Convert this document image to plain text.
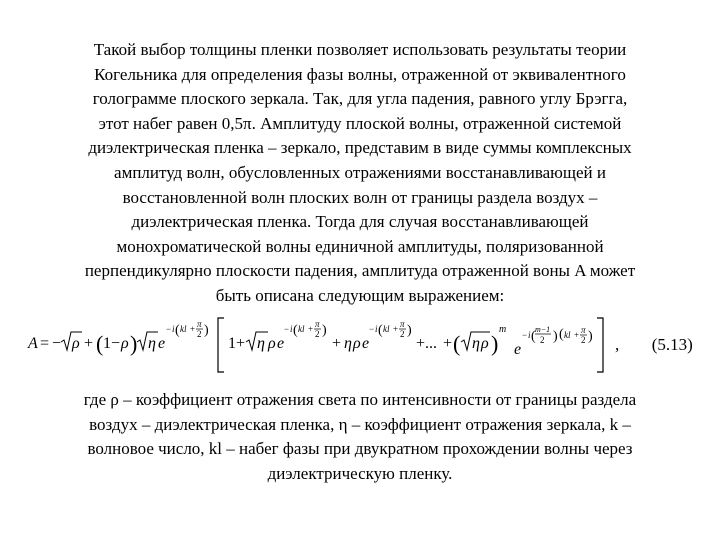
Такой выбор толщины пленки позволяет использовать результаты теории
Когельника для определения фазы волны, отраженной от эквивалентного
голограмме плоского зеркала. Так, для угла падения, равного углу Брэгга,
этот набег равен 0,5π. Амплитуду плоской волны, отраженной системой
диэлектрическая пленка – зеркало, представим в виде суммы комплексных
амплитуд волн, обусловленных отражениями восстанавливающей и
восстановленной волн плоских волн от границы раздела воздух –
диэлектрическая пленка. Тогда для случая восстанавливающей
монохроматической волны единичной амплитуды, поляризованной
перпендикулярно плоскости падения, амплитуда отраженной воны A может
быть описана следующим выражением:
A = − ρ + ( 1 − ρ ) η e
− i ( kl + π
2 )
1 + η ρ e
− i ( kl + π
2 )
+ η ρ e
− i ( kl + π
2 )
+ ... + ( η ρ )
m
e
− i ( m−1
2 ) ( kl + π
2 ) , (5.13)
где ρ – коэффициент отражения света по интенсивности от границы раздела
воздух – диэлектрическая пленка, η – коэффициент отражения зеркала, k –
волновое число, kl – набег фазы при двукратном прохождении волны через
диэлектрическую пленку.
